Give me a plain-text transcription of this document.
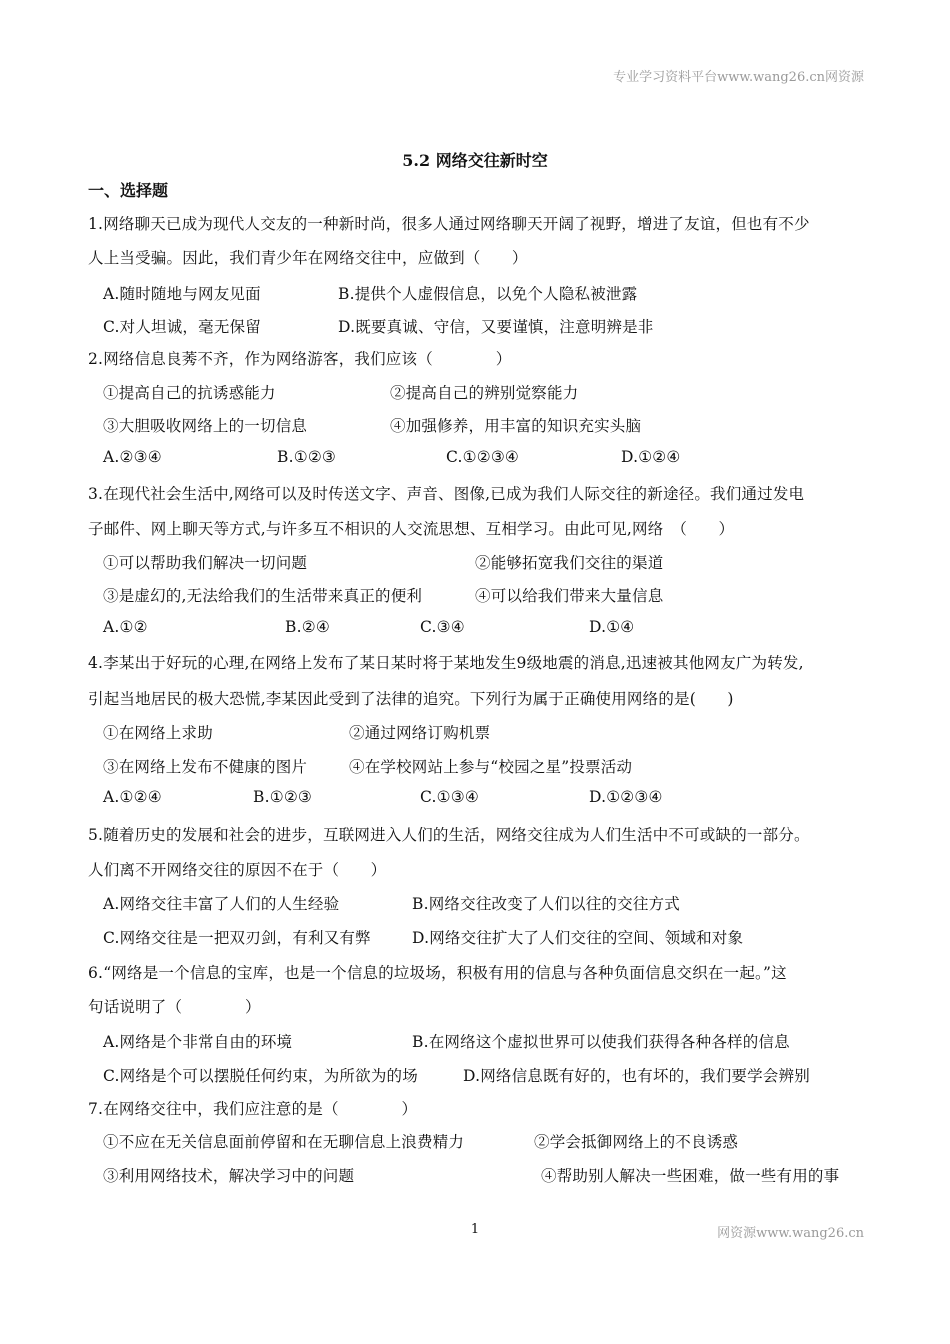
专业学习资料平台www.wang26.cn网资源
5.2 网络交往新时空
一、选择题
1.网络聊天已成为现代人交友的一种新时尚，很多人通过网络聊天开阔了视野，增进了友谊，但也有不少
人上当受骗。因此，我们青少年在网络交往中，应做到（　　）
A.随时随地与网友见面	B.提供个人虚假信息，以免个人隐私被泄露
C.对人坦诚，毫无保留	D.既要真诚、守信，又要谨慎，注意明辨是非
2.网络信息良莠不齐，作为网络游客，我们应该（　　　　）
①提高自己的抗诱惑能力	②提高自己的辨别觉察能力
③大胆吸收网络上的一切信息	④加强修养，用丰富的知识充实头脑
A.②③④	B.①②③	C.①②③④	D.①②④
3.在现代社会生活中,网络可以及时传送文字、声音、图像,已成为我们人际交往的新途径。我们通过发电
子邮件、网上聊天等方式,与许多互不相识的人交流思想、互相学习。由此可见,网络　（　　）
①可以帮助我们解决一切问题	②能够拓宽我们交往的渠道
③是虚幻的,无法给我们的生活带来真正的便利	④可以给我们带来大量信息
A.①②	B.②④	C.③④	D.①④
4.李某出于好玩的心理,在网络上发布了某日某时将于某地发生9级地震的消息,迅速被其他网友广为转发,
引起当地居民的极大恐慌,李某因此受到了法律的追究。下列行为属于正确使用网络的是(　　)
①在网络上求助	②通过网络订购机票
③在网络上发布不健康的图片	④在学校网站上参与“校园之星”投票活动
A.①②④	B.①②③	C.①③④	D.①②③④
5.随着历史的发展和社会的进步，互联网进入人们的生活，网络交往成为人们生活中不可或缺的一部分。
人们离不开网络交往的原因不在于（　　）
A.网络交往丰富了人们的人生经验	B.网络交往改变了人们以往的交往方式
C.网络交往是一把双刃剑，有利又有弊	D.网络交往扩大了人们交往的空间、领域和对象
6.“网络是一个信息的宝库，也是一个信息的垃圾场，积极有用的信息与各种负面信息交织在一起。”这
句话说明了（　　　　）
A.网络是个非常自由的环境	B.在网络这个虚拟世界可以使我们获得各种各样的信息
C.网络是个可以摆脱任何约束，为所欲为的场	D.网络信息既有好的，也有坏的，我们要学会辨别
7.在网络交往中，我们应注意的是（　　　　）
①不应在无关信息面前停留和在无聊信息上浪费精力	②学会抵御网络上的不良诱惑
③利用网络技术，解决学习中的问题	④帮助别人解决一些困难，做一些有用的事
1	网资源www.wang26.cn
